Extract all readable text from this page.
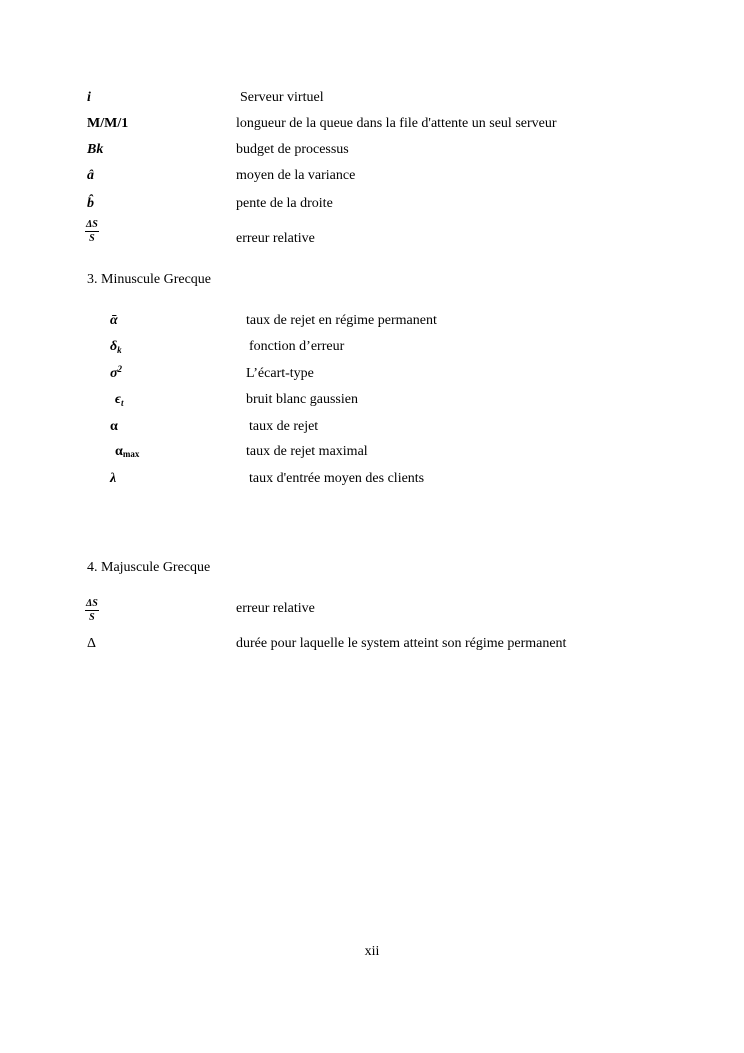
i	Serveur virtuel
M/M/1	longueur de la queue dans la file d'attente un seul serveur
Bk	budget de processus
â	moyen de la variance
b̂	pente de la droite
$\frac{\Delta S}{S}$	erreur relative
3. Minuscule Grecque
ᾱ	taux de rejet en régime permanent
$\delta_k$	fonction d’erreur
$\sigma^2$	L’écart-type
$\epsilon_t$	bruit blanc gaussien
α	taux de rejet
αmax	taux de rejet maximal
λ	taux d'entrée moyen des clients
4. Majuscule Grecque
$\frac{\Delta S}{S}$	erreur relative
Δ	durée pour laquelle le system atteint son régime permanent
xii
